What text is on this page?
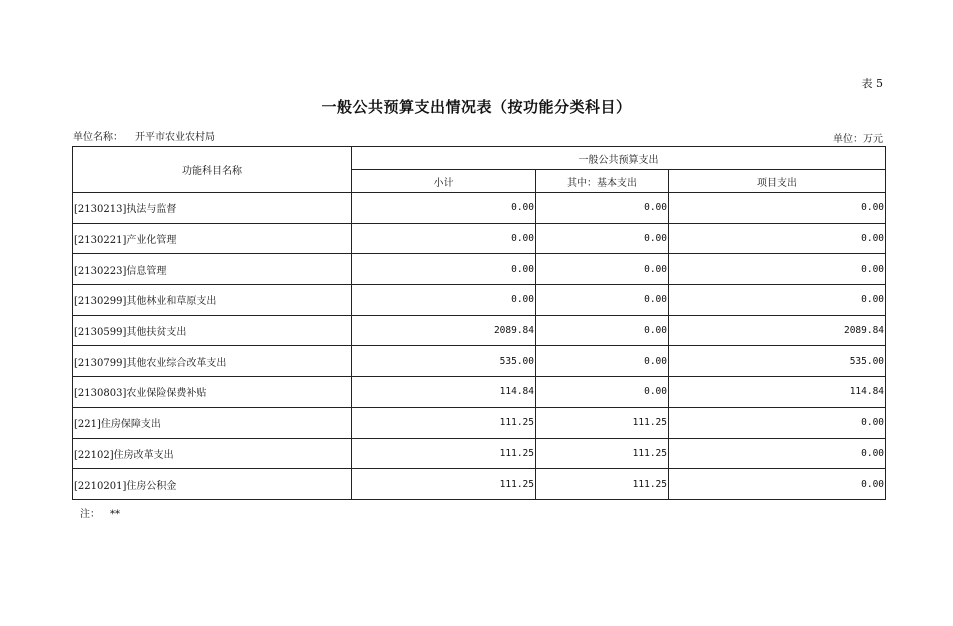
表 5
一般公共预算支出情况表（按功能分类科目）
单位名称： 开平市农业农村局	单位：万元
功能科目名称	一般公共预算支出		
	小计	其中：基本支出	项目支出
[2130213]执法与监督	0.00	0.00	0.00
[2130221]产业化管理	0.00	0.00	0.00
[2130223]信息管理	0.00	0.00	0.00
[2130299]其他林业和草原支出	0.00	0.00	0.00
[2130599]其他扶贫支出	2089.84	0.00	2089.84
[2130799]其他农业综合改革支出	535.00	0.00	535.00
[2130803]农业保险保费补贴	114.84	0.00	114.84
[221]住房保障支出	111.25	111.25	0.00
[22102]住房改革支出	111.25	111.25	0.00
[2210201]住房公积金	111.25	111.25	0.00
注： **
